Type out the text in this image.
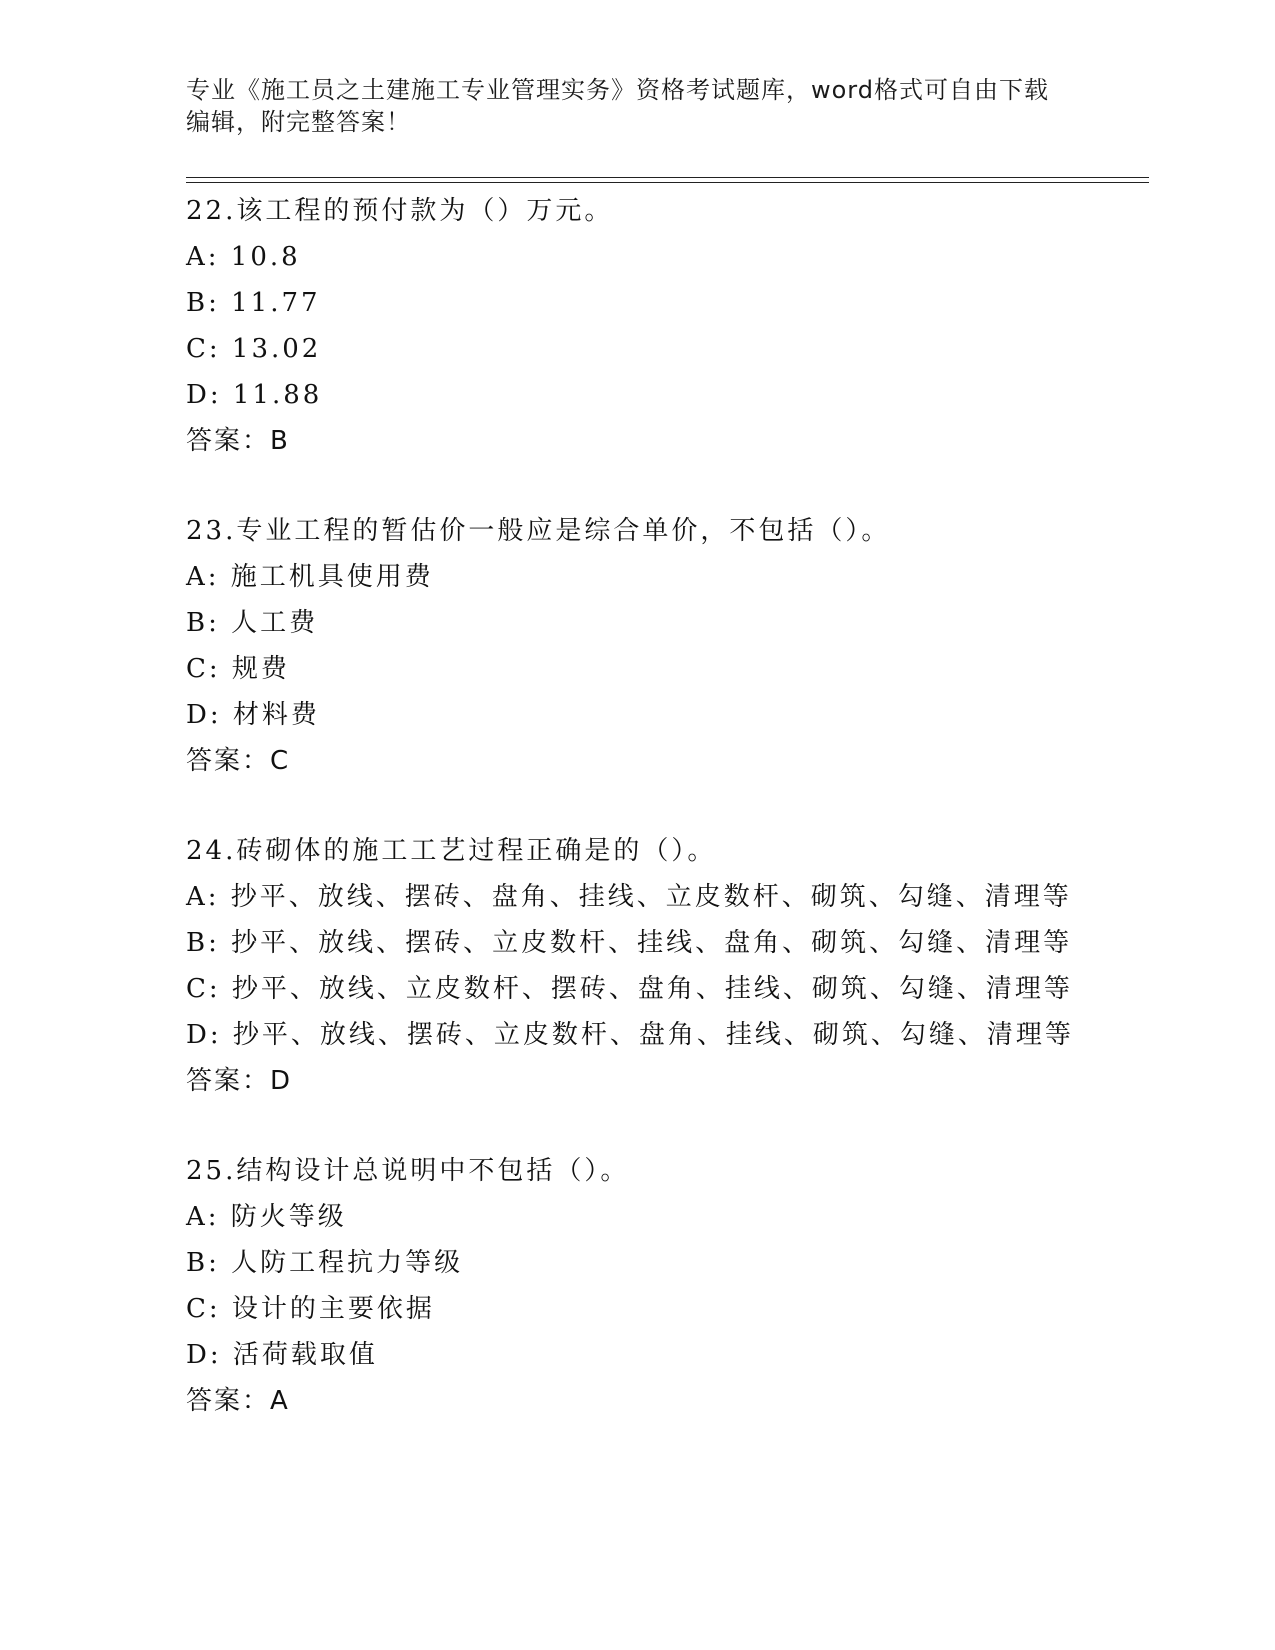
专业《施工员之土建施工专业管理实务》资格考试题库，word格式可自由下载编辑，附完整答案！
22.该工程的预付款为（）万元。
A: 10.8
B: 11.77
C: 13.02
D: 11.88
答案：B
23.专业工程的暂估价一般应是综合单价，不包括（）。
A: 施工机具使用费
B: 人工费
C: 规费
D: 材料费
答案：C
24.砖砌体的施工工艺过程正确是的（）。
A: 抄平、放线、摆砖、盘角、挂线、立皮数杆、砌筑、勾缝、清理等
B: 抄平、放线、摆砖、立皮数杆、挂线、盘角、砌筑、勾缝、清理等
C: 抄平、放线、立皮数杆、摆砖、盘角、挂线、砌筑、勾缝、清理等
D: 抄平、放线、摆砖、立皮数杆、盘角、挂线、砌筑、勾缝、清理等
答案：D
25.结构设计总说明中不包括（）。
A: 防火等级
B: 人防工程抗力等级
C: 设计的主要依据
D: 活荷载取值
答案：A
